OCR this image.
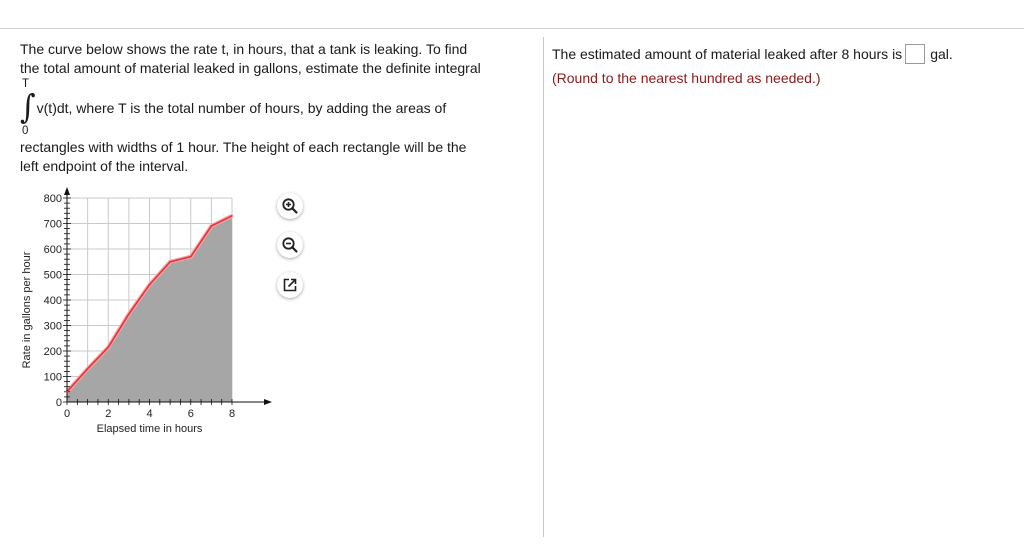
The curve below shows the rate t, in hours, that a tank is leaking. To find

the total amount of material leaked in gallons, estimate the definite integral

T
∫ v(t)dt, where T is the total number of hours, by adding the areas of
0

rectangles with widths of 1 hour. The height of each rectangle will be the

left endpoint of the interval.

0
100
200
300
400
500
600
700
800
0	2	4	6	8
Elapsed time in hours
Rate in gallons per hour
The estimated amount of material leaked after 8 hours is gal.
(Round to the nearest hundred as needed.)
